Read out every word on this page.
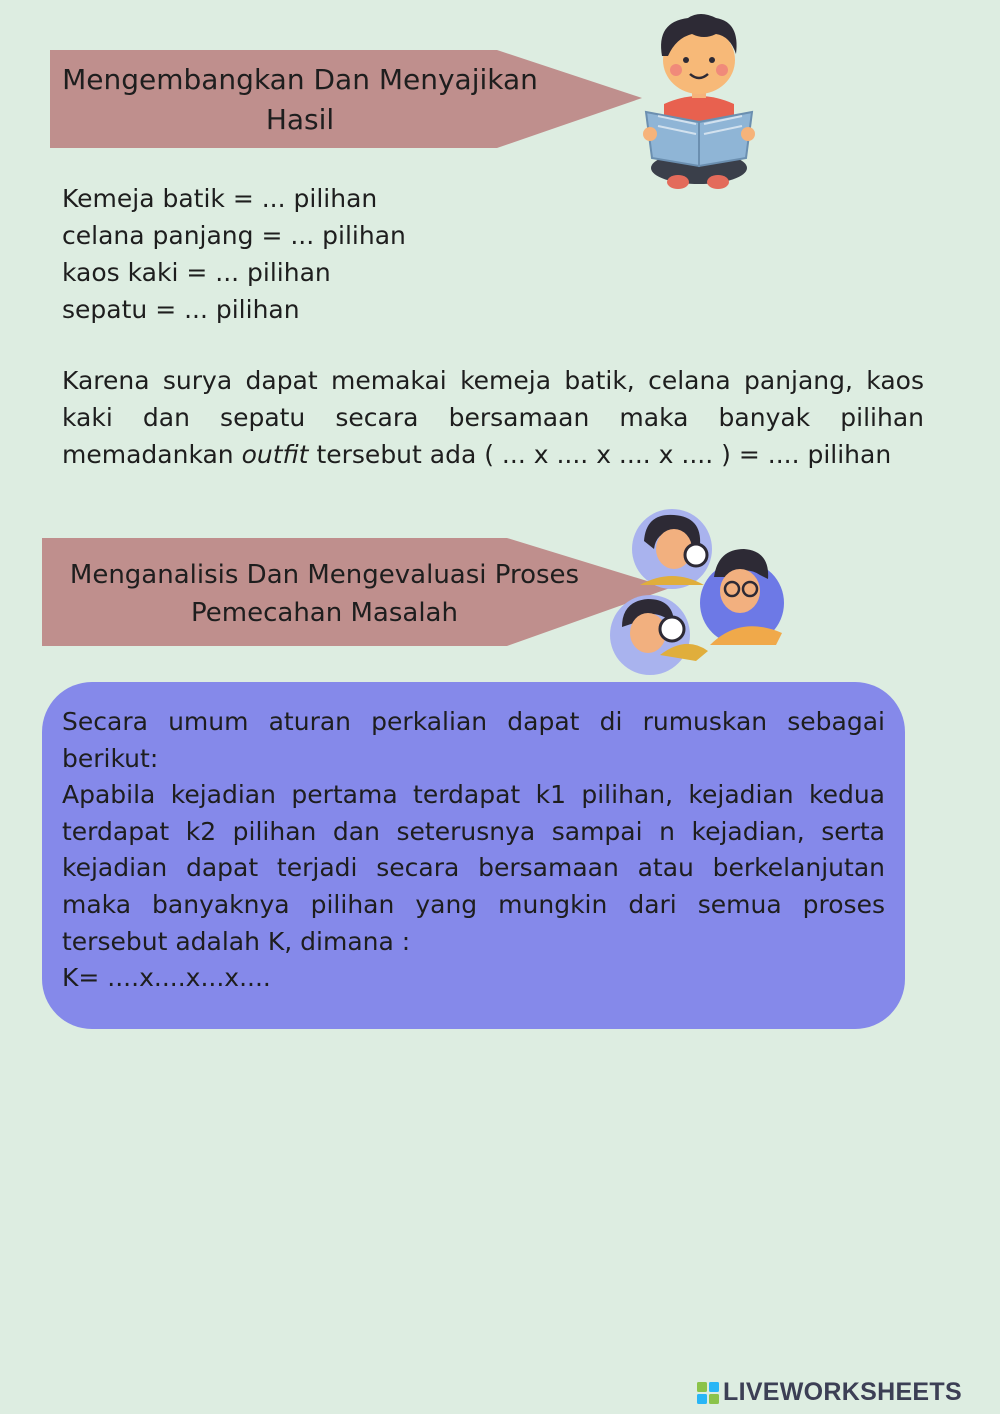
Mengembangkan Dan Menyajikan
Hasil
Kemeja batik = ... pilihan
celana panjang = ... pilihan
kaos kaki = ... pilihan
sepatu = ... pilihan

Karena surya dapat memakai kemeja batik, celana panjang, kaos kaki dan sepatu secara bersamaan maka banyak pilihan memadankan outfit tersebut ada ( ... x .... x .... x .... ) = .... pilihan

Menganalisis Dan Mengevaluasi Proses
Pemecahan Masalah

Secara umum aturan perkalian dapat di rumuskan sebagai berikut:

Apabila kejadian pertama terdapat k1 pilihan, kejadian kedua terdapat k2 pilihan dan seterusnya sampai n kejadian, serta kejadian dapat terjadi secara bersamaan atau berkelanjutan maka banyaknya pilihan yang mungkin dari semua proses tersebut adalah K, dimana :

K= ....x....x...x....

LIVEWORKSHEETS
